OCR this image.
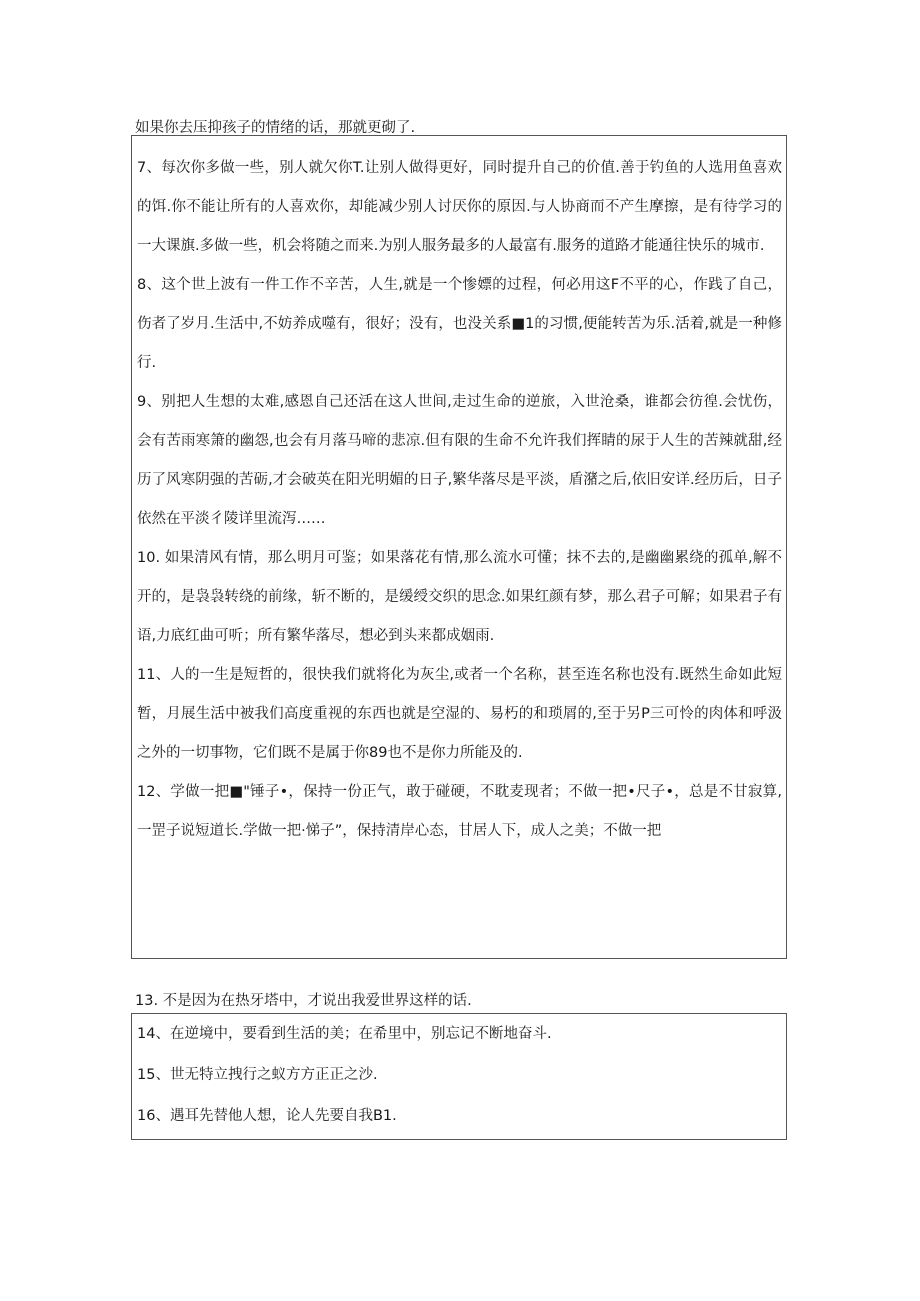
如果你去压抑孩子的情绪的话，那就更砌了.

7、每次你多做一些，别人就欠你T.让别人做得更好，同时提升自己的价值.善于钓鱼的人选用鱼喜欢的饵.你不能让所有的人喜欢你，却能减少别人讨厌你的原因.与人协商而不产生摩擦，是有待学习的一大课旗.多做一些，机会将随之而来.为别人服务最多的人最富有.服务的道路才能通往快乐的城市.

8、这个世上波有一件工作不辛苦，人生,就是一个惨嫖的过程，何必用这F不平的心，作践了自己，伤者了岁月.生活中,不妨养成噬有，很好；没有，也没关系■1的习惯,便能转苦为乐.活着,就是一种修行.

9、别把人生想的太难,感恩自己还活在这人世间,走过生命的逆旅，入世沧桑，谁都会彷徨.会忧伤，会有苦雨寒箫的幽怨,也会有月落马啼的悲凉.但有限的生命不允许我们挥睛的尿于人生的苦辣就甜,经历了风寒阴强的苦砺,才会破英在阳光明媚的日子,繁华落尽是平淡，盾潴之后,依旧安详.经历后，日子依然在平淡彳陵详里流泻……

10. 如果清风有情，那么明月可鉴；如果落花有情,那么流水可懂；抹不去的,是幽幽累绕的孤单,解不开的，是袅袅转绕的前缘，斩不断的，是缓绶交织的思念.如果红颜有梦，那么君子可解；如果君子有语,力底红曲可听；所有繁华落尽，想必到头来都成姻雨.

11、人的一生是短哲的，很快我们就将化为灰尘,或者一个名称，甚至连名称也没有.既然生命如此短暂，月展生活中被我们高度重视的东西也就是空湿的、易朽的和琐屑的,至于另P三可怜的肉体和呼汲之外的一切事物，它们既不是属于你89也不是你力所能及的.

12、学做一把■"锤子•，保持一份正气，敢于碰硬，不耽麦现者；不做一把•尺子•，总是不甘寂算,一罡子说短道长.学做一把·悌子”，保持清岸心态，甘居人下，成人之美；不做一把

13. 不是因为在热牙塔中，才说出我爱世界这样的话.

14、在逆境中，要看到生活的美；在希里中，别忘记不断地奋斗.

15、世无特立拽行之蚁方方正正之沙.

16、遇耳先替他人想，论人先要自我B1.
